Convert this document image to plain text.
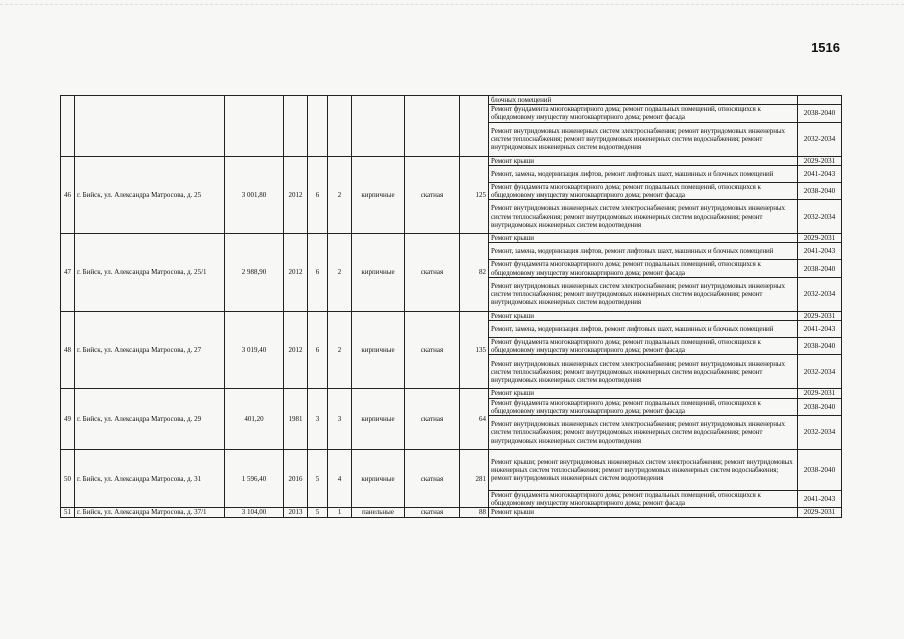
1516
									блочных помещений	
									Ремонт фундамента многоквартирного дома; ремонт подвальных помещений, относящихся к общедомовому имуществу многоквартирного дома; ремонт фасада	2038-2040
									Ремонт внутридомовых инженерных систем электроснабжения; ремонт внутридомовых инженерных систем теплоснабжения; ремонт внутридомовых инженерных систем водоснабжения; ремонт внутридомовых инженерных систем водоотведения	2032-2034
46	г. Бийск, ул. Александра Матросова, д. 25	3 001,80	2012	6	2	кирпичные	скатная	125	Ремонт крыши	2029-2031
									Ремонт, замена, модернизация лифтов, ремонт лифтовых шахт, машинных и блочных помещений	2041-2043
									Ремонт фундамента многоквартирного дома; ремонт подвальных помещений, относящихся к общедомовому имуществу многоквартирного дома; ремонт фасада	2038-2040
									Ремонт внутридомовых инженерных систем электроснабжения; ремонт внутридомовых инженерных систем теплоснабжения; ремонт внутридомовых инженерных систем водоснабжения; ремонт внутридомовых инженерных систем водоотведения	2032-2034
47	г. Бийск, ул. Александра Матросова, д. 25/1	2 988,90	2012	6	2	кирпичные	скатная	82	Ремонт крыши	2029-2031
									Ремонт, замена, модернизация лифтов, ремонт лифтовых шахт, машинных и блочных помещений	2041-2043
									Ремонт фундамента многоквартирного дома; ремонт подвальных помещений, относящихся к общедомовому имуществу многоквартирного дома; ремонт фасада	2038-2040
									Ремонт внутридомовых инженерных систем электроснабжения; ремонт внутридомовых инженерных систем теплоснабжения; ремонт внутридомовых инженерных систем водоснабжения; ремонт внутридомовых инженерных систем водоотведения	2032-2034
48	г. Бийск, ул. Александра Матросова, д. 27	3 019,40	2012	6	2	кирпичные	скатная	135	Ремонт крыши	2029-2031
									Ремонт, замена, модернизация лифтов, ремонт лифтовых шахт, машинных и блочных помещений	2041-2043
									Ремонт фундамента многоквартирного дома; ремонт подвальных помещений, относящихся к общедомовому имуществу многоквартирного дома; ремонт фасада	2038-2040
									Ремонт внутридомовых инженерных систем электроснабжения; ремонт внутридомовых инженерных систем теплоснабжения; ремонт внутридомовых инженерных систем водоснабжения; ремонт внутридомовых инженерных систем водоотведения	2032-2034
49	г. Бийск, ул. Александра Матросова, д. 29	401,20	1981	3	3	кирпичные	скатная	64	Ремонт крыши	2029-2031
									Ремонт фундамента многоквартирного дома; ремонт подвальных помещений, относящихся к общедомовому имуществу многоквартирного дома; ремонт фасада	2038-2040
									Ремонт внутридомовых инженерных систем электроснабжения; ремонт внутридомовых инженерных систем теплоснабжения; ремонт внутридомовых инженерных систем водоснабжения; ремонт внутридомовых инженерных систем водоотведения	2032-2034
50	г. Бийск, ул. Александра Матросова, д. 31	1 596,40	2016	5	4	кирпичные	скатная	281	Ремонт крыши; ремонт внутридомовых инженерных систем электроснабжения; ремонт внутридомовых инженерных систем теплоснабжения; ремонт внутридомовых инженерных систем водоснабжения; ремонт внутридомовых инженерных систем водоотведения	2038-2040
									Ремонт фундамента многоквартирного дома; ремонт подвальных помещений, относящихся к общедомовому имуществу многоквартирного дома; ремонт фасада	2041-2043
51	г. Бийск, ул. Александра Матросова, д. 37/1	3 104,00	2013	5	1	панельные	скатная	88	Ремонт крыши	2029-2031
